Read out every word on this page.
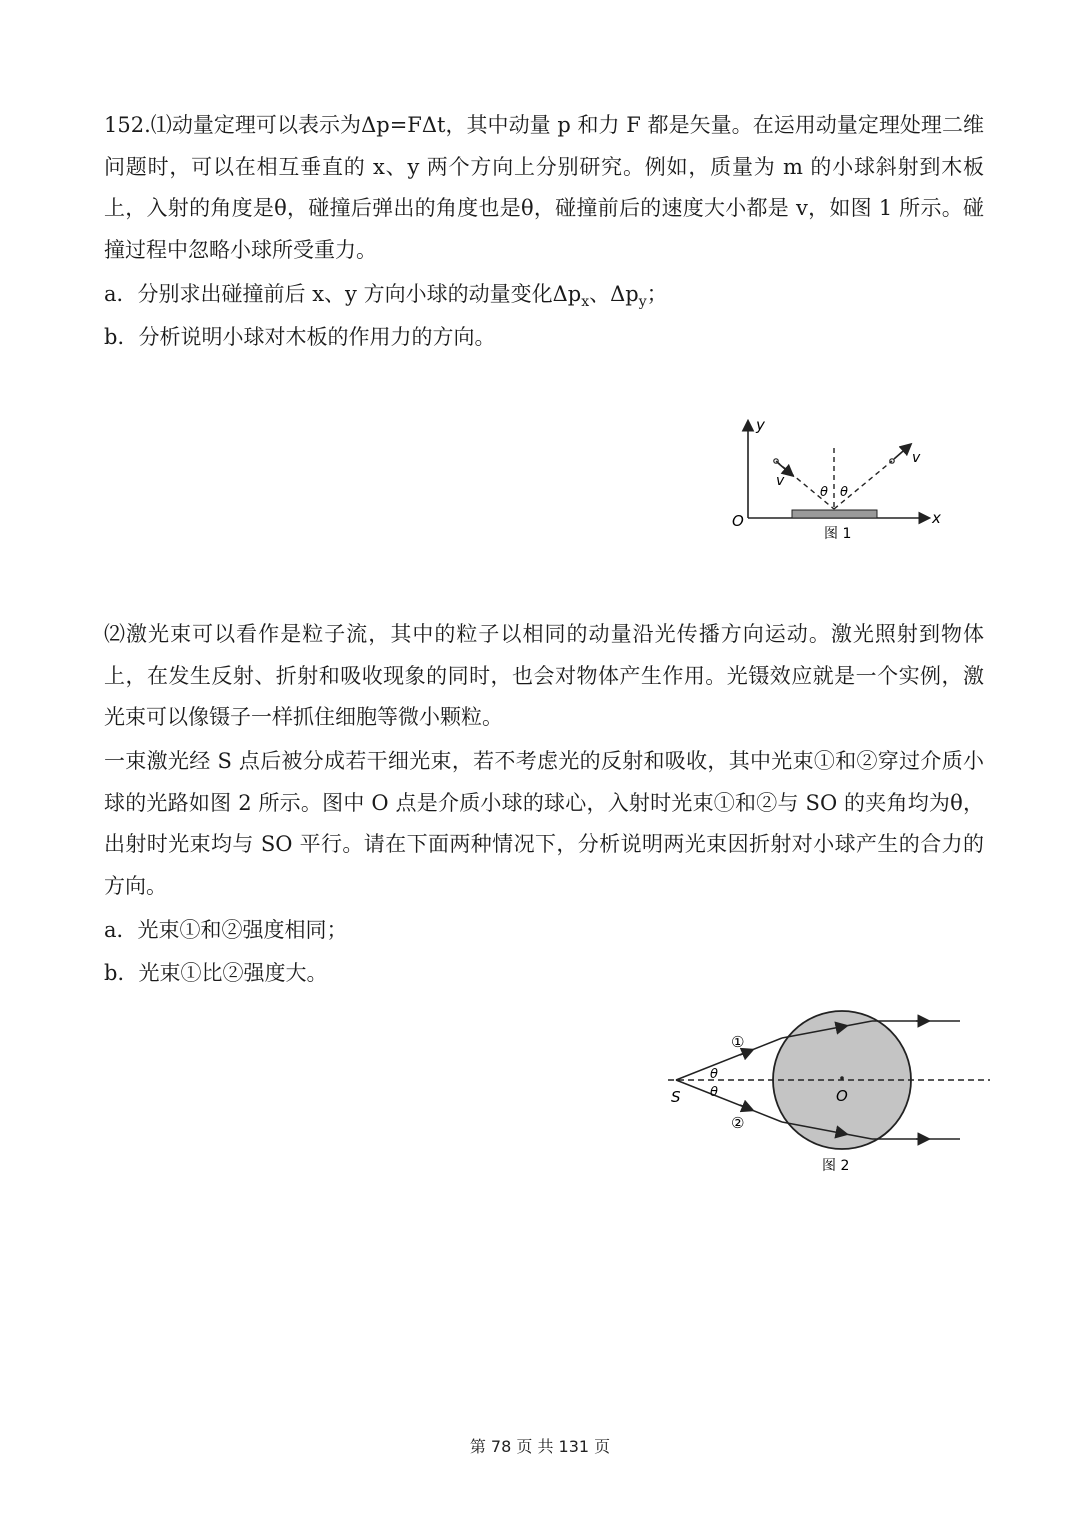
152.⑴动量定理可以表示为Δp=FΔt，其中动量 p 和力 F 都是矢量。在运用动量定理处理二维问题时，可以在相互垂直的 x、y 两个方向上分别研究。例如，质量为 m 的小球斜射到木板上，入射的角度是θ，碰撞后弹出的角度也是θ，碰撞前后的速度大小都是 v，如图 1 所示。碰撞过程中忽略小球所受重力。
a．分别求出碰撞前后 x、y 方向小球的动量变化$\Delta p_x$、$\Delta p_y$；
b．分析说明小球对木板的作用力的方向。
y
x
O
v
v
θ θ
图 1
⑵激光束可以看作是粒子流，其中的粒子以相同的动量沿光传播方向运动。激光照射到物体上，在发生反射、折射和吸收现象的同时，也会对物体产生作用。光镊效应就是一个实例，激光束可以像镊子一样抓住细胞等微小颗粒。
一束激光经 S 点后被分成若干细光束，若不考虑光的反射和吸收，其中光束①和②穿过介质小球的光路如图 2 所示。图中 O 点是介质小球的球心，入射时光束①和②与 SO 的夹角均为θ，出射时光束均与 SO 平行。请在下面两种情况下，分析说明两光束因折射对小球产生的合力的方向。
a．光束①和②强度相同；
b．光束①比②强度大。
①
②
θ
θ
S	O
图 2
第 78 页 共 131 页
